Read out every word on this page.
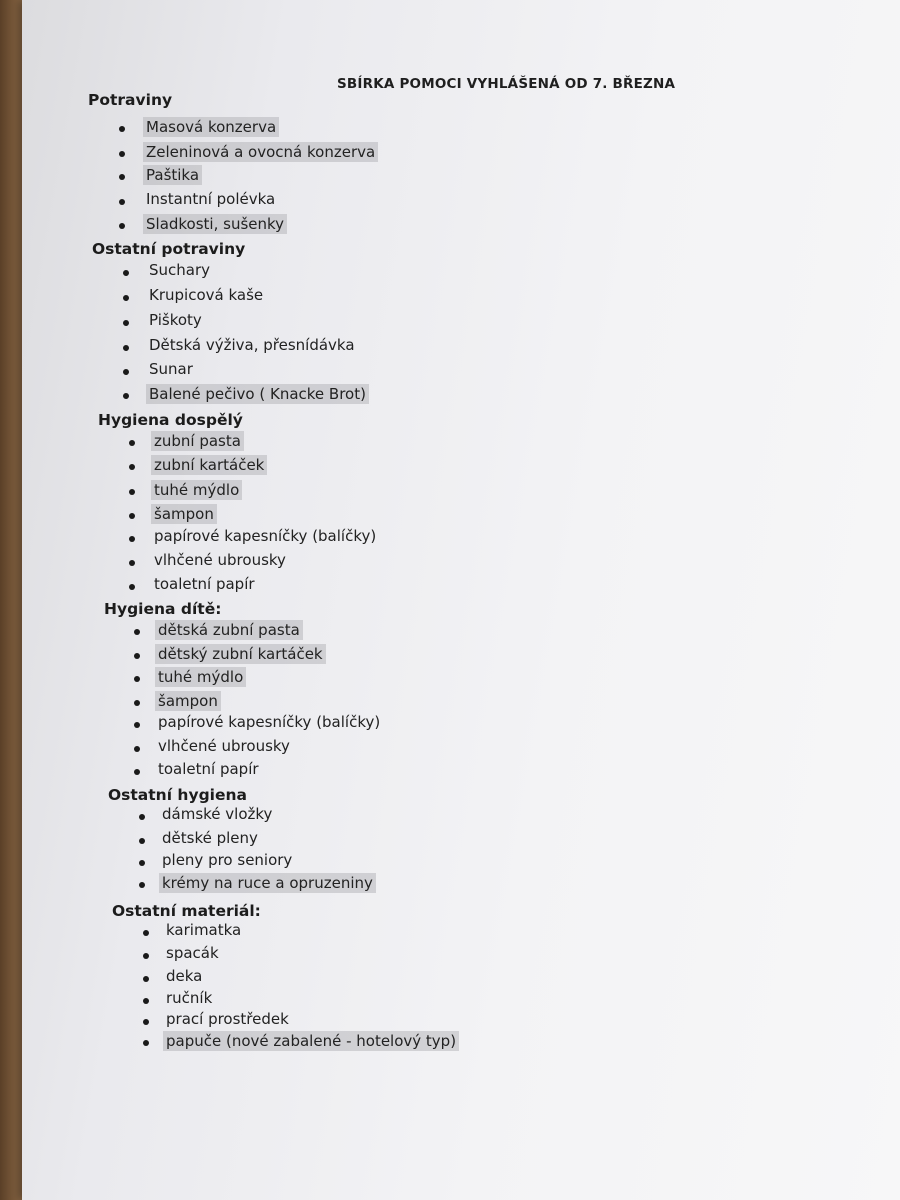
SBÍRKA POMOCI VYHLÁŠENÁ OD 7. BŘEZNA
Potraviny
Masová konzerva
Zeleninová a ovocná konzerva
Paštika
Instantní polévka
Sladkosti, sušenky
Ostatní potraviny
Suchary
Krupicová kaše
Piškoty
Dětská výživa, přesnídávka
Sunar
Balené pečivo ( Knacke Brot)
Hygiena dospělý
zubní pasta
zubní kartáček
tuhé mýdlo
šampon
papírové kapesníčky (balíčky)
vlhčené ubrousky
toaletní papír
Hygiena dítě:
dětská zubní pasta
dětský zubní kartáček
tuhé mýdlo
šampon
papírové kapesníčky (balíčky)
vlhčené ubrousky
toaletní papír
Ostatní hygiena
dámské vložky
dětské pleny
pleny pro seniory
krémy na ruce a opruzeniny
Ostatní materiál:
karimatka
spacák
deka
ručník
prací prostředek
papuče (nové zabalené - hotelový typ)
